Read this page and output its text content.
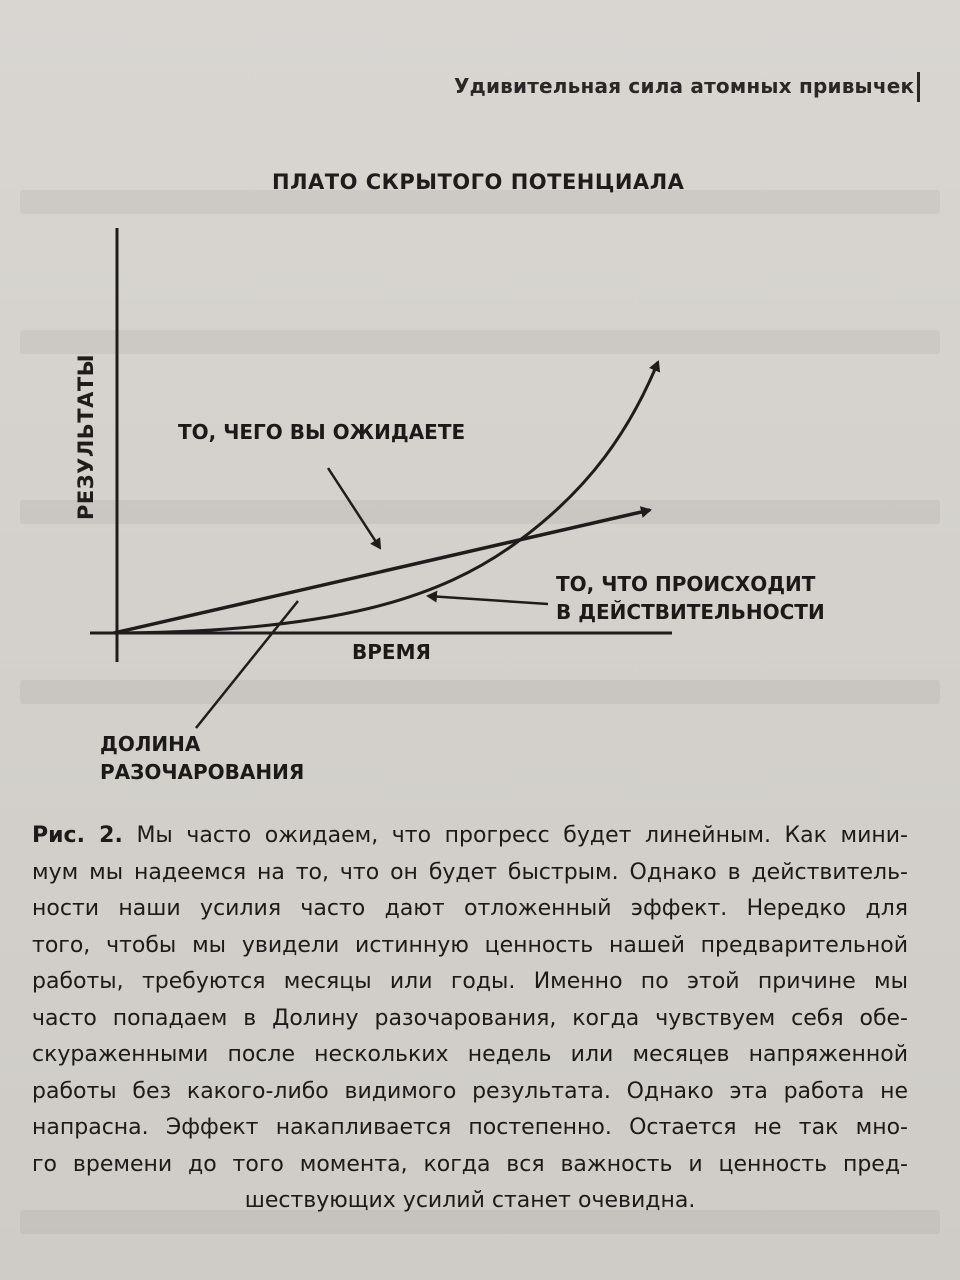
Удивительная сила атомных привычек
ПЛАТО СКРЫТОГО ПОТЕНЦИАЛА
РЕЗУЛЬТАТЫ
ВРЕМЯ
ТО, ЧЕГО ВЫ ОЖИДАЕТЕ
ТО, ЧТО ПРОИСХОДИТ
В ДЕЙСТВИТЕЛЬНОСТИ
ДОЛИНА
РАЗОЧАРОВАНИЯ
Рис. 2. Мы часто ожидаем, что прогресс будет линейным. Как мини-
мум мы надеемся на то, что он будет быстрым. Однако в действитель-
ности наши усилия часто дают отложенный эффект. Нередко для
того, чтобы мы увидели истинную ценность нашей предварительной
работы, требуются месяцы или годы. Именно по этой причине мы
часто попадаем в Долину разочарования, когда чувствуем себя обе-
скураженными после нескольких недель или месяцев напряженной
работы без какого-либо видимого результата. Однако эта работа не
напрасна. Эффект накапливается постепенно. Остается не так мно-
го времени до того момента, когда вся важность и ценность пред-
шествующих усилий станет очевидна.
